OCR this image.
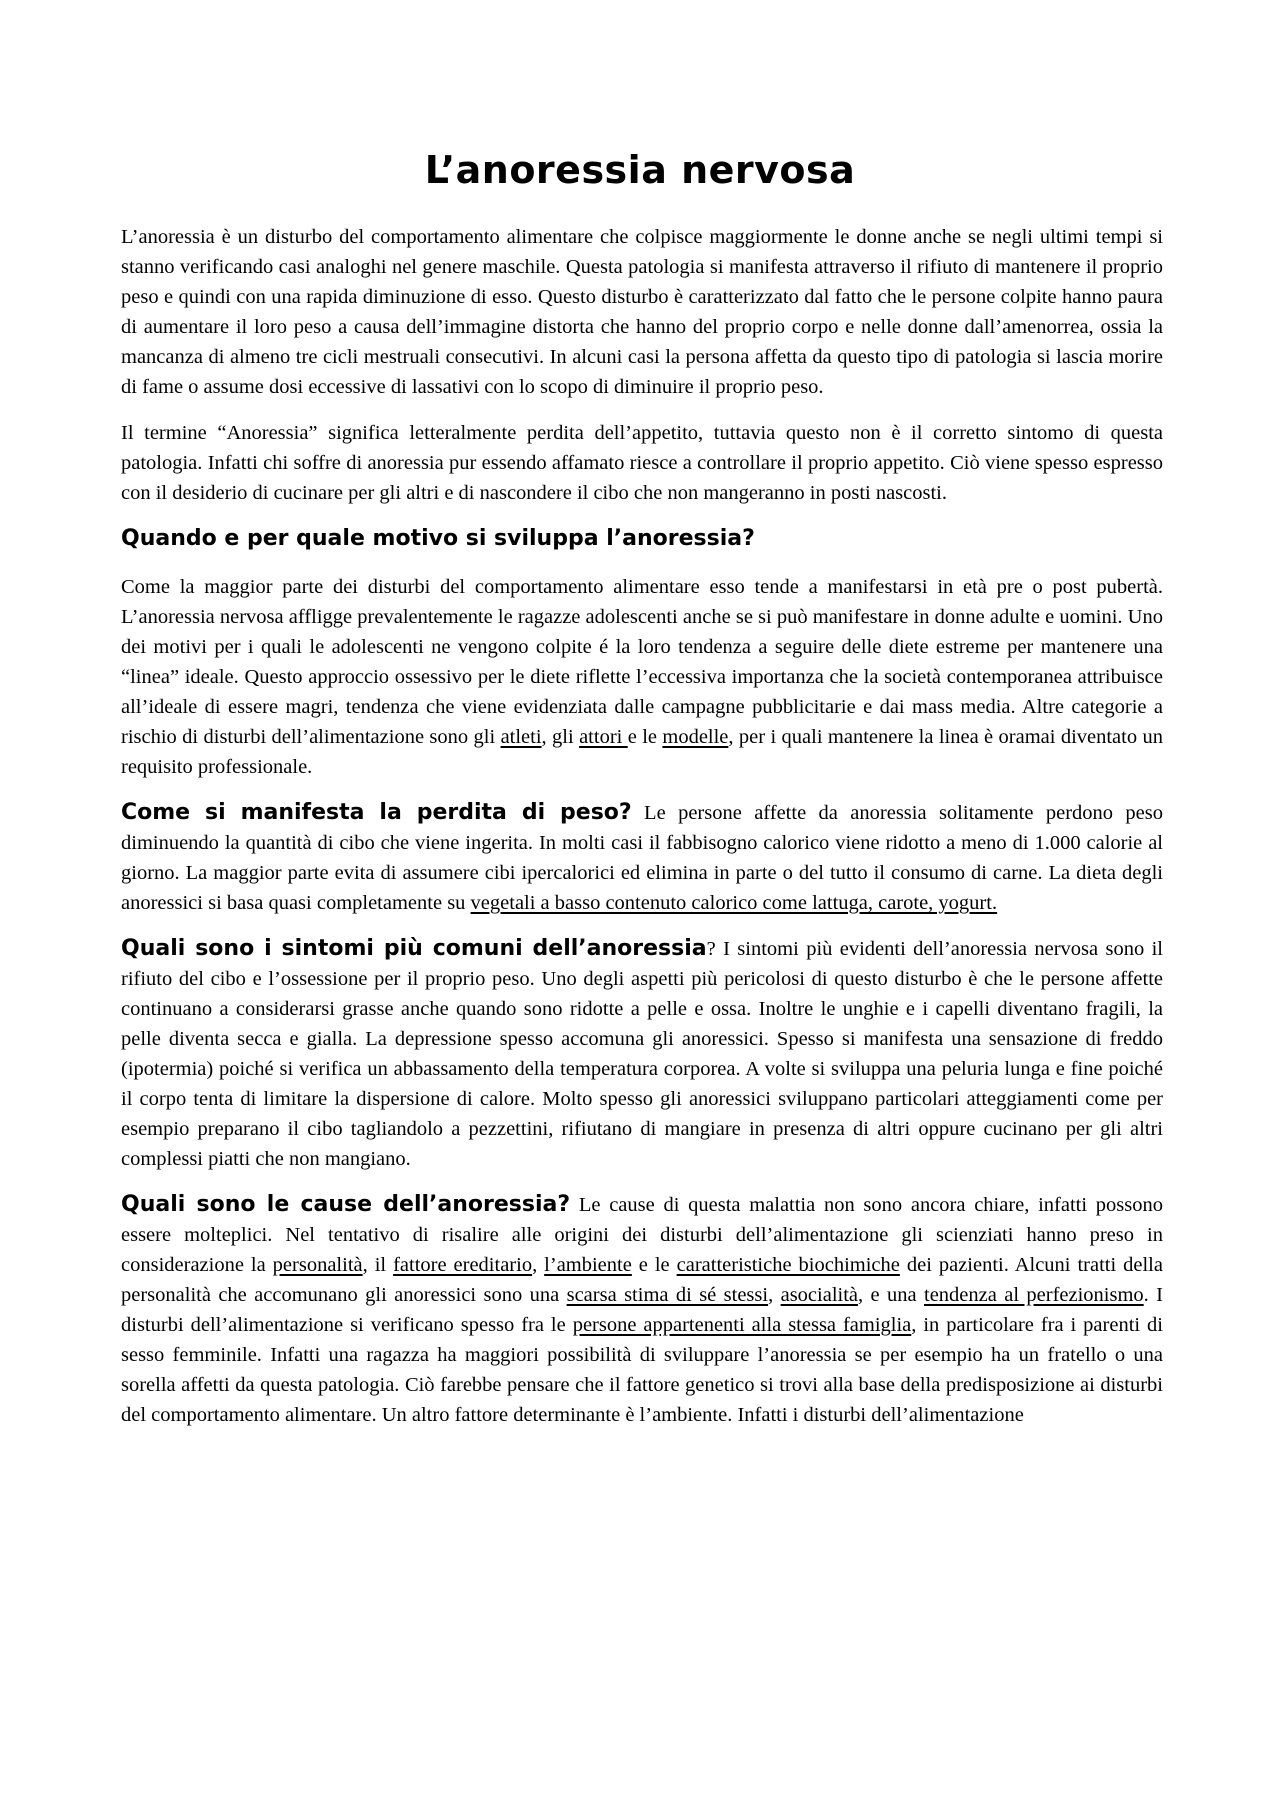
L’anoressia nervosa

L’anoressia è un disturbo del comportamento alimentare che colpisce maggiormente le donne anche se negli ultimi tempi si stanno verificando casi analoghi nel genere maschile. Questa patologia si manifesta attraverso il rifiuto di mantenere il proprio peso e quindi con una rapida diminuzione di esso. Questo disturbo è caratterizzato dal fatto che le persone colpite hanno paura di aumentare il loro peso a causa dell’immagine distorta che hanno del proprio corpo e nelle donne dall’amenorrea, ossia la mancanza di almeno tre cicli mestruali consecutivi. In alcuni casi la persona affetta da questo tipo di patologia si lascia morire di fame o assume dosi eccessive di lassativi con lo scopo di diminuire il proprio peso.

Il termine “Anoressia” significa letteralmente perdita dell’appetito, tuttavia questo non è il corretto sintomo di questa patologia. Infatti chi soffre di anoressia pur essendo affamato riesce a controllare il proprio appetito. Ciò viene spesso espresso con il desiderio di cucinare per gli altri e di nascondere il cibo che non mangeranno in posti nascosti.

Quando e per quale motivo si sviluppa l’anoressia?

Come la maggior parte dei disturbi del comportamento alimentare esso tende a manifestarsi in età pre o post pubertà. L’anoressia nervosa affligge prevalentemente le ragazze adolescenti anche se si può manifestare in donne adulte e uomini. Uno dei motivi per i quali le adolescenti ne vengono colpite é la loro tendenza a seguire delle diete estreme per mantenere una “linea” ideale. Questo approccio ossessivo per le diete riflette l’eccessiva importanza che la società contemporanea attribuisce all’ideale di essere magri, tendenza che viene evidenziata dalle campagne pubblicitarie e dai mass media. Altre categorie a rischio di disturbi dell’alimentazione sono gli atleti, gli attori e le modelle, per i quali mantenere la linea è oramai diventato un requisito professionale.

Come si manifesta la perdita di peso? Le persone affette da anoressia solitamente perdono peso diminuendo la quantità di cibo che viene ingerita. In molti casi il fabbisogno calorico viene ridotto a meno di 1.000 calorie al giorno. La maggior parte evita di assumere cibi ipercalorici ed elimina in parte o del tutto il consumo di carne. La dieta degli anoressici si basa quasi completamente su vegetali a basso contenuto calorico come lattuga, carote, yogurt.

Quali sono i sintomi più comuni dell’anoressia? I sintomi più evidenti dell’anoressia nervosa sono il rifiuto del cibo e l’ossessione per il proprio peso. Uno degli aspetti più pericolosi di questo disturbo è che le persone affette continuano a considerarsi grasse anche quando sono ridotte a pelle e ossa. Inoltre le unghie e i capelli diventano fragili, la pelle diventa secca e gialla. La depressione spesso accomuna gli anoressici. Spesso si manifesta una sensazione di freddo (ipotermia) poiché si verifica un abbassamento della temperatura corporea. A volte si sviluppa una peluria lunga e fine poiché il corpo tenta di limitare la dispersione di calore. Molto spesso gli anoressici sviluppano particolari atteggiamenti come per esempio preparano il cibo tagliandolo a pezzettini, rifiutano di mangiare in presenza di altri oppure cucinano per gli altri complessi piatti che non mangiano.

Quali sono le cause dell’anoressia? Le cause di questa malattia non sono ancora chiare, infatti possono essere molteplici. Nel tentativo di risalire alle origini dei disturbi dell’alimentazione gli scienziati hanno preso in considerazione la personalità, il fattore ereditario, l’ambiente e le caratteristiche biochimiche dei pazienti. Alcuni tratti della personalità che accomunano gli anoressici sono una scarsa stima di sé stessi, asocialità, e una tendenza al perfezionismo. I disturbi dell’alimentazione si verificano spesso fra le persone appartenenti alla stessa famiglia, in particolare fra i parenti di sesso femminile. Infatti una ragazza ha maggiori possibilità di sviluppare l’anoressia se per esempio ha un fratello o una sorella affetti da questa patologia. Ciò farebbe pensare che il fattore genetico si trovi alla base della predisposizione ai disturbi del comportamento alimentare. Un altro fattore determinante è l’ambiente. Infatti i disturbi dell’alimentazione
